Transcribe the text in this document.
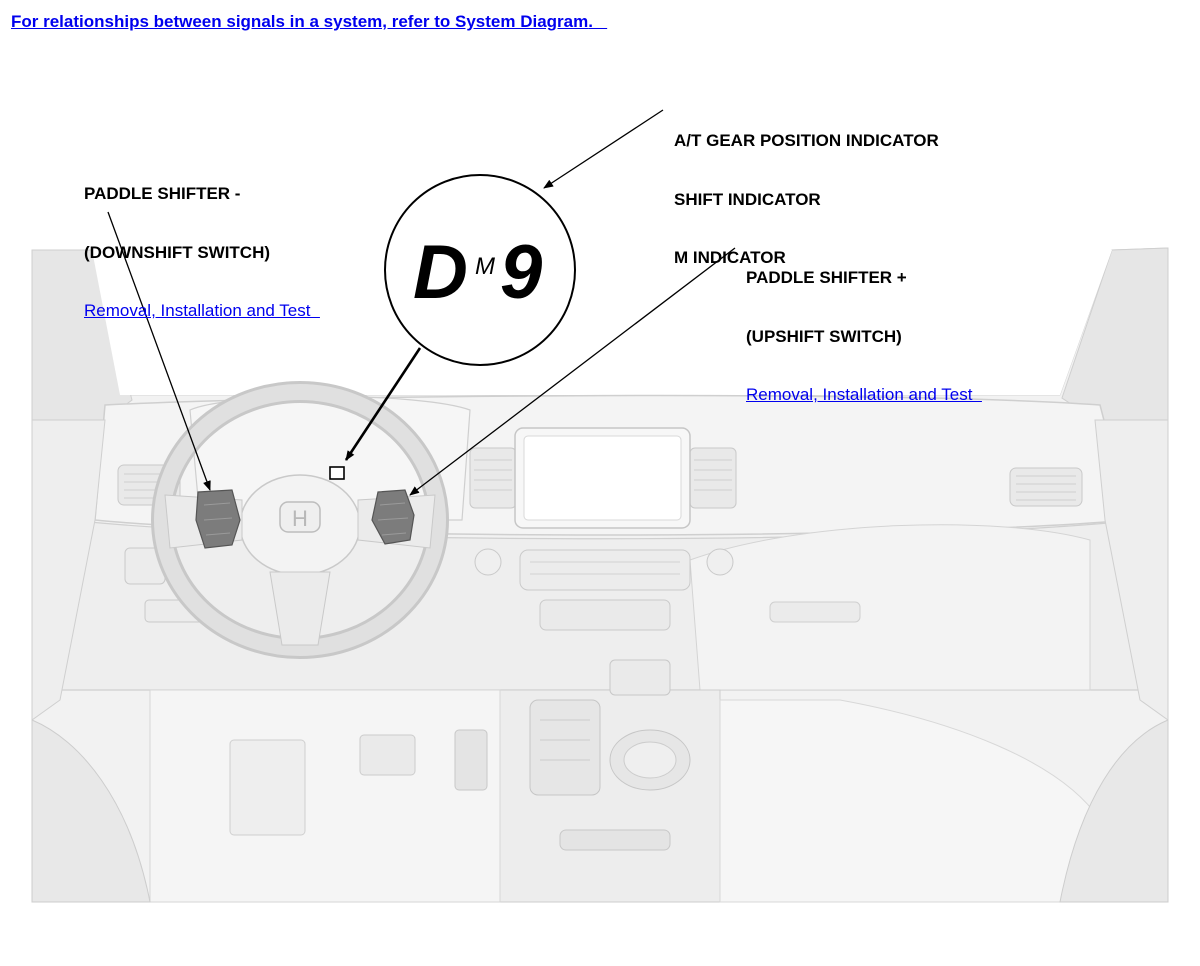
For relationships between signals in a system, refer to System Diagram.
H
D M 9

PADDLE SHIFTER -

(DOWNSHIFT SWITCH)

Removal, Installation and Test

A/T GEAR POSITION INDICATOR

SHIFT INDICATOR

M INDICATOR

PADDLE SHIFTER +

(UPSHIFT SWITCH)

Removal, Installation and Test
